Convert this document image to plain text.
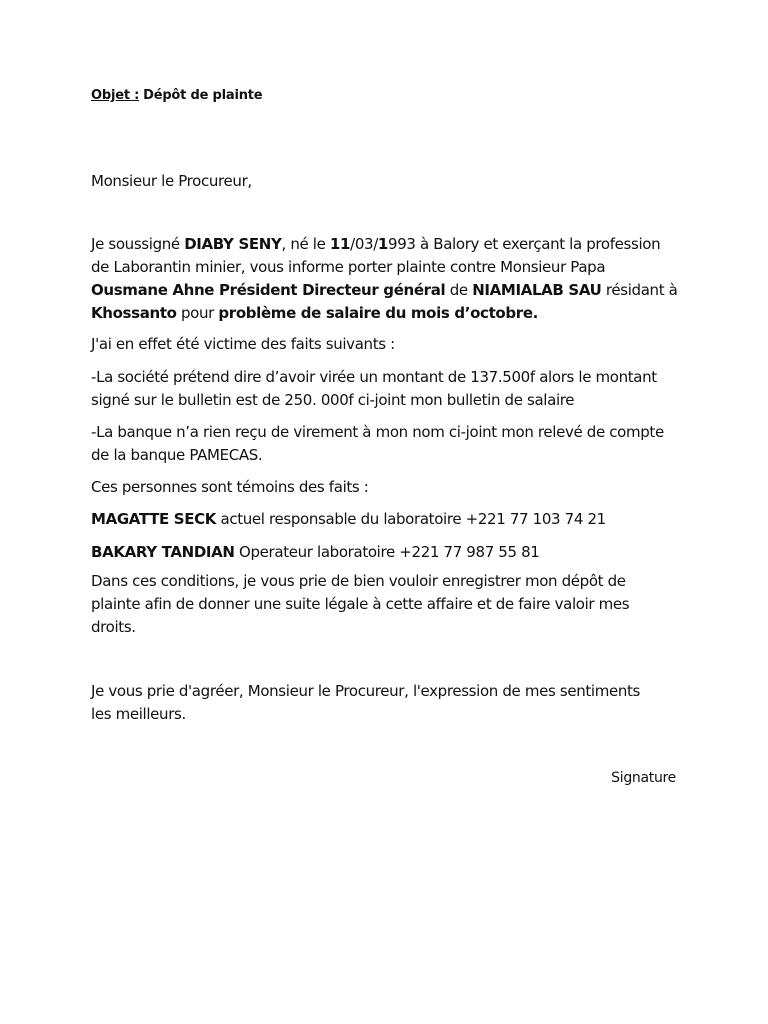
Objet : Dépôt de plainte
Monsieur le Procureur,
Je soussigné DIABY SENY, né le 11/03/1993 à Balory et exerçant la profession
de Laborantin minier, vous informe porter plainte contre Monsieur Papa
Ousmane Ahne Président Directeur général de NIAMIALAB SAU résidant à
Khossanto pour problème de salaire du mois d’octobre.
J'ai en effet été victime des faits suivants :
-La société prétend dire d’avoir virée un montant de 137.500f alors le montant
signé sur le bulletin est de 250. 000f ci-joint mon bulletin de salaire
-La banque n’a rien reçu de virement à mon nom ci-joint mon relevé de compte
de la banque PAMECAS.
Ces personnes sont témoins des faits :
MAGATTE SECK actuel responsable du laboratoire +221 77 103 74 21
BAKARY TANDIAN Operateur laboratoire +221 77 987 55 81
Dans ces conditions, je vous prie de bien vouloir enregistrer mon dépôt de
plainte afin de donner une suite légale à cette affaire et de faire valoir mes
droits.
Je vous prie d'agréer, Monsieur le Procureur, l'expression de mes sentiments
les meilleurs.
Signature
